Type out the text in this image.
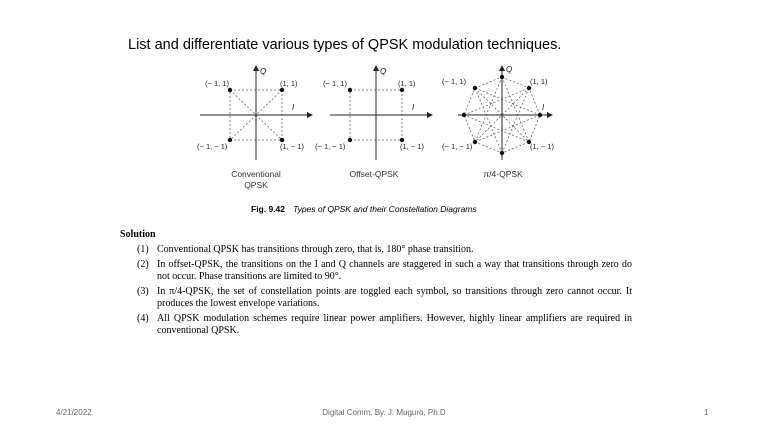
List and differentiate various types of QPSK modulation techniques.
(− 1, 1)	(1, 1)
(− 1, − 1)	(1, − 1)
Q
I
(− 1, 1)	(1, 1)
(− 1, − 1)	(1, − 1)
Q
I
(− 1, 1)	(1, 1)
(− 1, − 1)	(1, − 1)
Q
I
Conventional
QPSK
Offset-QPSK	π/4-QPSK
Fig. 9.42 Types of QPSK and their Constellation Diagrams
Solution
(1) Conventional QPSK has transitions through zero, that is, 180° phase transition.
(2) In offset-QPSK, the transitions on the I and Q channels are staggered in such a way that transitions through zero do not occur. Phase transitions are limited to 90°.
(3) In π/4-QPSK, the set of constellation points are toggled each symbol, so transitions through zero cannot occur. It produces the lowest envelope variations.
(4) All QPSK modulation schemes require linear power amplifiers. However, highly linear amplifiers are required in conventional QPSK.
4/21/2022	Digital Comm. By. J. Muguro, Ph.D	1
